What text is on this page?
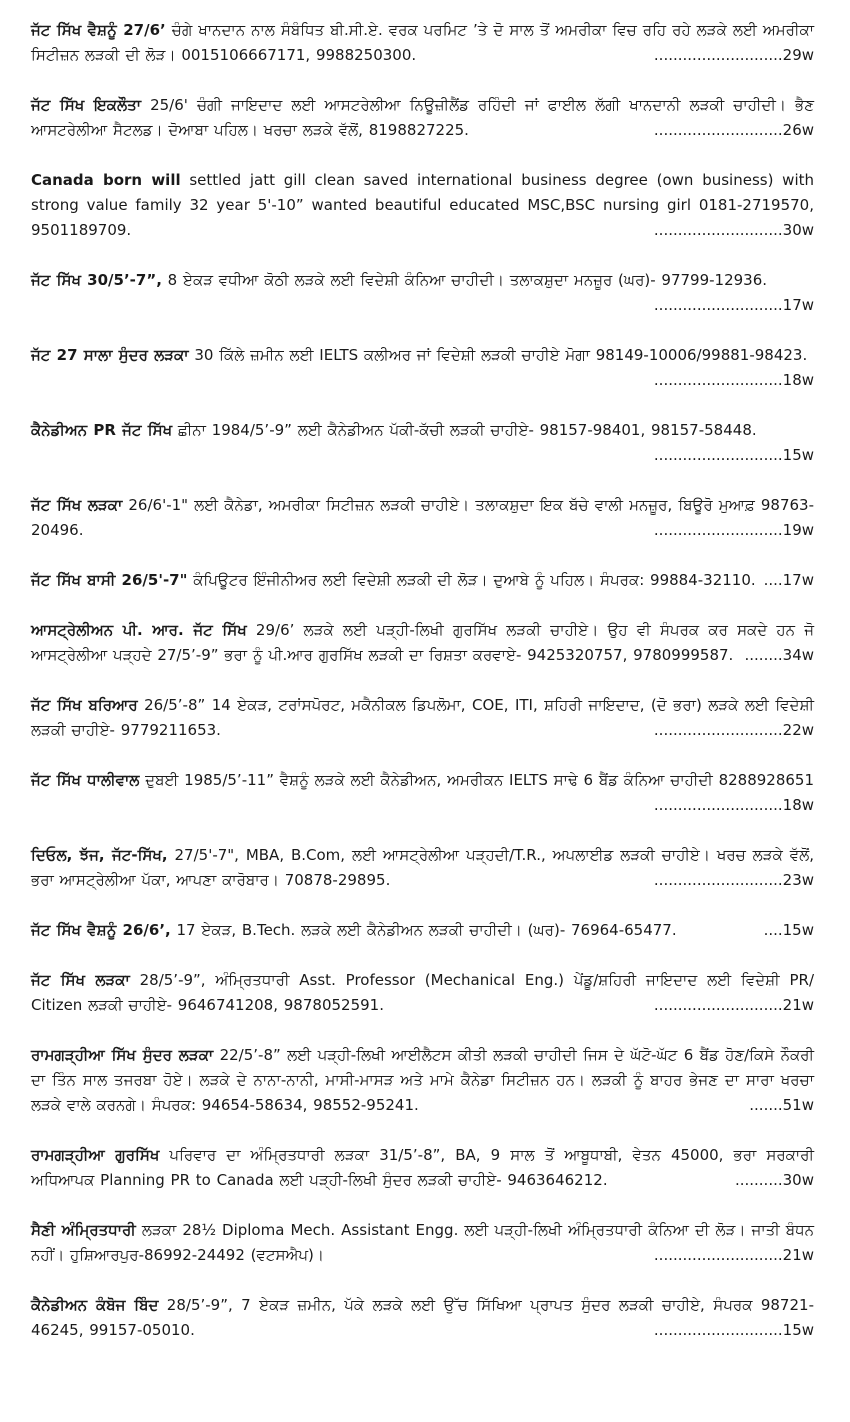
ਜੱਟ ਸਿੱਖ ਵੈਸ਼ਨੂੰ 27/6’ ਚੰਗੇ ਖਾਨਦਾਨ ਨਾਲ ਸੰਬੰਧਿਤ ਬੀ.ਸੀ.ਏ. ਵਰਕ ਪਰਮਿਟ ’ਤੇ ਦੋ ਸਾਲ ਤੋਂ ਅਮਰੀਕਾ ਵਿਚ ਰਹਿ ਰਹੇ ਲੜਕੇ ਲਈ ਅਮਰੀਕਾ ਸਿਟੀਜ਼ਨ ਲੜਕੀ ਦੀ ਲੋੜ। 0015106667171, 9988250300.	...........................29w

ਜੱਟ ਸਿੱਖ ਇਕਲੌਤਾ 25/6' ਚੰਗੀ ਜਾਇਦਾਦ ਲਈ ਆਸਟਰੇਲੀਆ ਨਿਊਜ਼ੀਲੈਂਡ ਰਹਿੰਦੀ ਜਾਂ ਫਾਈਲ ਲੱਗੀ ਖਾਨਦਾਨੀ ਲੜਕੀ ਚਾਹੀਦੀ। ਭੈਣ ਆਸਟਰੇਲੀਆ ਸੈਟਲਡ। ਦੋਆਬਾ ਪਹਿਲ। ਖਰਚਾ ਲੜਕੇ ਵੱਲੋਂ, 8198827225.	...........................26w

Canada born will settled jatt gill clean saved international business degree (own business) with strong value family 32 year 5'-10” wanted beautiful educated MSC,BSC nursing girl 0181-2719570, 9501189709.	...........................30w

ਜੱਟ ਸਿੱਖ 30/5’-7”, 8 ਏਕੜ ਵਧੀਆ ਕੋਠੀ ਲੜਕੇ ਲਈ ਵਿਦੇਸ਼ੀ ਕੰਨਿਆ ਚਾਹੀਦੀ। ਤਲਾਕਸ਼ੁਦਾ ਮਨਜ਼ੂਰ (ਘਰ)- 97799-12936.
...........................17w

ਜੱਟ 27 ਸਾਲਾ ਸੁੰਦਰ ਲੜਕਾ 30 ਕਿੱਲੇ ਜ਼ਮੀਨ ਲਈ IELTS ਕਲੀਅਰ ਜਾਂ ਵਿਦੇਸ਼ੀ ਲੜਕੀ ਚਾਹੀਏ ਮੋਗਾ 98149-10006/99881-98423.
...........................18w

ਕੈਨੇਡੀਅਨ PR ਜੱਟ ਸਿੱਖ ਛੀਨਾ 1984/5’-9” ਲਈ ਕੈਨੇਡੀਅਨ ਪੱਕੀ-ਕੱਚੀ ਲੜਕੀ ਚਾਹੀਏ- 98157-98401, 98157-58448.
...........................15w

ਜੱਟ ਸਿੱਖ ਲੜਕਾ 26/6'-1" ਲਈ ਕੈਨੇਡਾ, ਅਮਰੀਕਾ ਸਿਟੀਜ਼ਨ ਲੜਕੀ ਚਾਹੀਏ। ਤਲਾਕਸ਼ੁਦਾ ਇਕ ਬੱਚੇ ਵਾਲੀ ਮਨਜ਼ੂਰ, ਬਿਊਰੋ ਮੁਆਫ਼ 98763-20496.	...........................19w

ਜੱਟ ਸਿੱਖ ਬਾਸੀ 26/5'-7" ਕੰਪਿਊਟਰ ਇੰਜੀਨੀਅਰ ਲਈ ਵਿਦੇਸ਼ੀ ਲੜਕੀ ਦੀ ਲੋੜ। ਦੁਆਬੇ ਨੂੰ ਪਹਿਲ। ਸੰਪਰਕ: 99884-32110. ....17w

ਆਸਟ੍ਰੇਲੀਅਨ ਪੀ. ਆਰ. ਜੱਟ ਸਿੱਖ 29/6’ ਲੜਕੇ ਲਈ ਪੜ੍ਹੀ-ਲਿਖੀ ਗੁਰਸਿੱਖ ਲੜਕੀ ਚਾਹੀਏ। ਉਹ ਵੀ ਸੰਪਰਕ ਕਰ ਸਕਦੇ ਹਨ ਜੋ ਆਸਟ੍ਰੇਲੀਆ ਪੜ੍ਹਦੇ 27/5’-9” ਭਰਾ ਨੂੰ ਪੀ.ਆਰ ਗੁਰਸਿੱਖ ਲੜਕੀ ਦਾ ਰਿਸ਼ਤਾ ਕਰਵਾਏ- 9425320757, 9780999587. ........34w

ਜੱਟ ਸਿੱਖ ਬਰਿਆਰ 26/5’-8” 14 ਏਕੜ, ਟਰਾਂਸਪੋਰਟ, ਮਕੈਨੀਕਲ ਡਿਪਲੋਮਾ, COE, ITI, ਸ਼ਹਿਰੀ ਜਾਇਦਾਦ, (ਦੋ ਭਰਾ) ਲੜਕੇ ਲਈ ਵਿਦੇਸ਼ੀ ਲੜਕੀ ਚਾਹੀਏ- 9779211653.	...........................22w

ਜੱਟ ਸਿੱਖ ਧਾਲੀਵਾਲ ਦੁਬਈ 1985/5’-11” ਵੈਸ਼ਨੂੰ ਲੜਕੇ ਲਈ ਕੈਨੇਡੀਅਨ, ਅਮਰੀਕਨ IELTS ਸਾਢੇ 6 ਬੈਂਡ ਕੰਨਿਆ ਚਾਹੀਦੀ 8288928651
...........................18w

ਦਿਓਲ, ਝੱਜ, ਜੱਟ-ਸਿੱਖ, 27/5'-7", MBA, B.Com, ਲਈ ਆਸਟ੍ਰੇਲੀਆ ਪੜ੍ਹਦੀ/T.R., ਅਪਲਾਈਡ ਲੜਕੀ ਚਾਹੀਏ। ਖਰਚ ਲੜਕੇ ਵੱਲੋਂ, ਭਰਾ ਆਸਟ੍ਰੇਲੀਆ ਪੱਕਾ, ਆਪਣਾ ਕਾਰੋਬਾਰ। 70878-29895.	...........................23w

ਜੱਟ ਸਿੱਖ ਵੈਸ਼ਨੂੰ 26/6’, 17 ਏਕੜ, B.Tech. ਲੜਕੇ ਲਈ ਕੈਨੇਡੀਅਨ ਲੜਕੀ ਚਾਹੀਦੀ। (ਘਰ)- 76964-65477.	....15w

ਜੱਟ ਸਿੱਖ ਲੜਕਾ 28/5’-9”, ਅੰਮ੍ਰਿਤਧਾਰੀ Asst. Professor (Mechanical Eng.) ਪੇਂਡੂ/ਸ਼ਹਿਰੀ ਜਾਇਦਾਦ ਲਈ ਵਿਦੇਸ਼ੀ PR/ Citizen ਲੜਕੀ ਚਾਹੀਏ- 9646741208, 9878052591.	...........................21w

ਰਾਮਗੜ੍ਹੀਆ ਸਿੱਖ ਸੁੰਦਰ ਲੜਕਾ 22/5’-8” ਲਈ ਪੜ੍ਹੀ-ਲਿਖੀ ਆਈਲੈਟਸ ਕੀਤੀ ਲੜਕੀ ਚਾਹੀਦੀ ਜਿਸ ਦੇ ਘੱਟੋ-ਘੱਟ 6 ਬੈਂਡ ਹੋਣ/ਕਿਸੇ ਨੌਕਰੀ ਦਾ ਤਿੰਨ ਸਾਲ ਤਜਰਬਾ ਹੋਏ। ਲੜਕੇ ਦੇ ਨਾਨਾ-ਨਾਨੀ, ਮਾਸੀ-ਮਾਸੜ ਅਤੇ ਮਾਮੇ ਕੈਨੇਡਾ ਸਿਟੀਜ਼ਨ ਹਨ। ਲੜਕੀ ਨੂੰ ਬਾਹਰ ਭੇਜਣ ਦਾ ਸਾਰਾ ਖਰਚਾ ਲੜਕੇ ਵਾਲੇ ਕਰਨਗੇ। ਸੰਪਰਕ: 94654-58634, 98552-95241.	.......51w

ਰਾਮਗੜ੍ਹੀਆ ਗੁਰਸਿੱਖ ਪਰਿਵਾਰ ਦਾ ਅੰਮ੍ਰਿਤਧਾਰੀ ਲੜਕਾ 31/5’-8”, BA, 9 ਸਾਲ ਤੋਂ ਆਬੂਧਾਬੀ, ਵੇਤਨ 45000, ਭਰਾ ਸਰਕਾਰੀ ਅਧਿਆਪਕ Planning PR to Canada ਲਈ ਪੜ੍ਹੀ-ਲਿਖੀ ਸੁੰਦਰ ਲੜਕੀ ਚਾਹੀਏ- 9463646212.	..........30w

ਸੈਣੀ ਅੰਮ੍ਰਿਤਧਾਰੀ ਲੜਕਾ 28½ Diploma Mech. Assistant Engg. ਲਈ ਪੜ੍ਹੀ-ਲਿਖੀ ਅੰਮ੍ਰਿਤਧਾਰੀ ਕੰਨਿਆ ਦੀ ਲੋੜ। ਜਾਤੀ ਬੰਧਨ ਨਹੀਂ। ਹੁਸ਼ਿਆਰਪੁਰ-86992-24492 (ਵਟਸਐਪ)।	...........................21w

ਕੈਨੇਡੀਅਨ ਕੰਬੋਜ ਬਿੰਦ 28/5’-9”, 7 ਏਕੜ ਜ਼ਮੀਨ, ਪੱਕੇ ਲੜਕੇ ਲਈ ਉੱਚ ਸਿੱਖਿਆ ਪ੍ਰਾਪਤ ਸੁੰਦਰ ਲੜਕੀ ਚਾਹੀਏ, ਸੰਪਰਕ 98721-46245, 99157-05010.	...........................15w
